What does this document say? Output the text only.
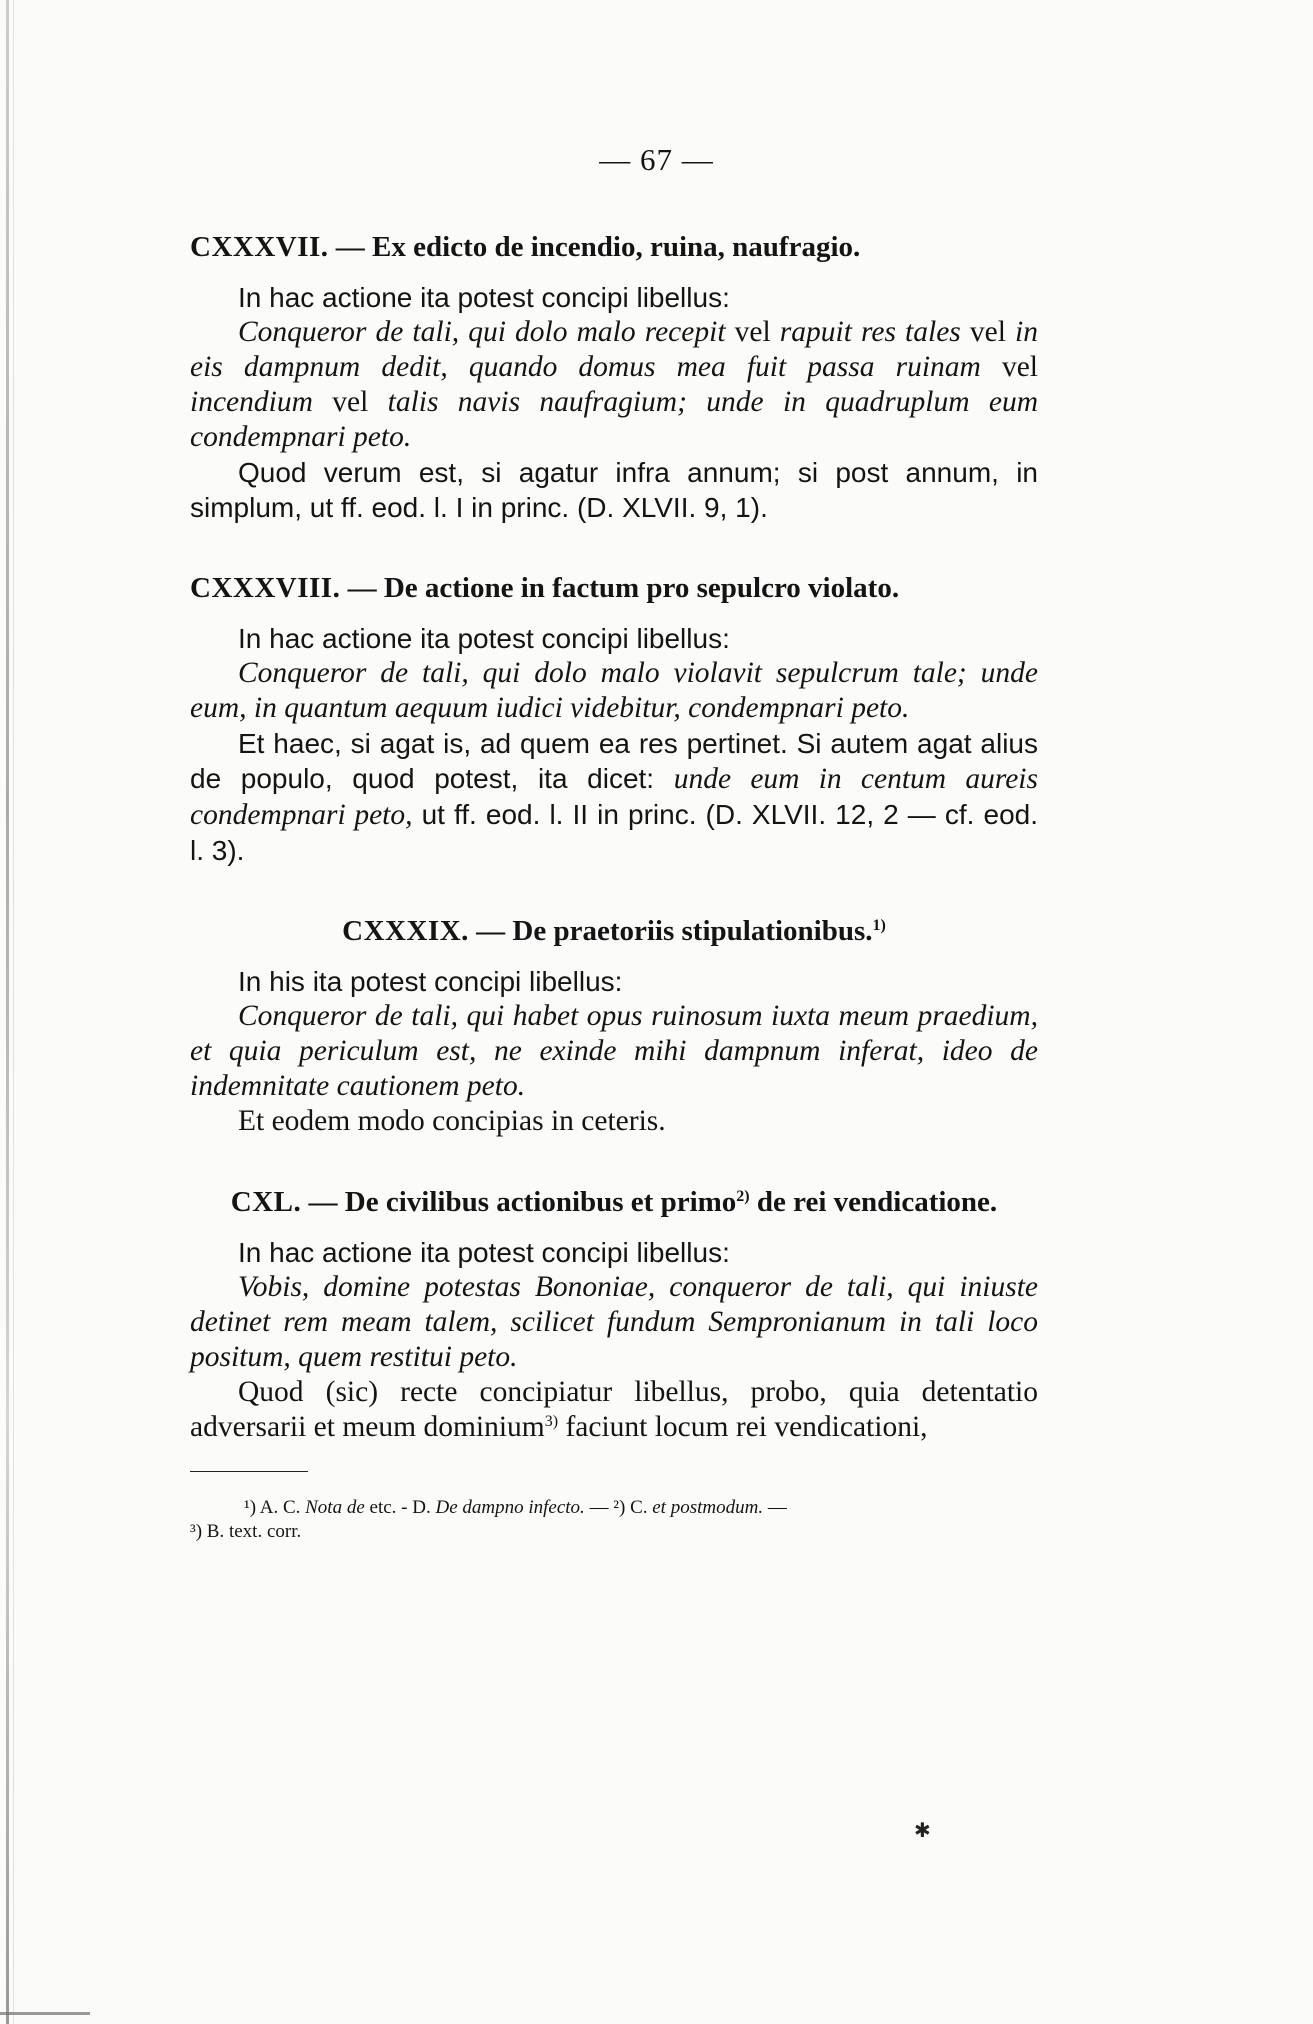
— 67 —

CXXXVII. — Ex edicto de incendio, ruina, naufragio.

In hac actione ita potest concipi libellus:

Conqueror de tali, qui dolo malo recepit vel rapuit res tales vel in eis dampnum dedit, quando domus mea fuit passa ruinam vel incendium vel talis navis naufragium; unde in quadruplum eum condempnari peto.

Quod verum est, si agatur infra annum; si post annum, in simplum, ut ff. eod. l. I in princ. (D. XLVII. 9, 1).

CXXXVIII. — De actione in factum pro sepulcro violato.

In hac actione ita potest concipi libellus:

Conqueror de tali, qui dolo malo violavit sepulcrum tale; unde eum, in quantum aequum iudici videbitur, condempnari peto.

Et haec, si agat is, ad quem ea res pertinet. Si autem agat alius de populo, quod potest, ita dicet: unde eum in centum aureis condempnari peto, ut ff. eod. l. II in princ. (D. XLVII. 12, 2 — cf. eod. l. 3).

CXXXIX. — De praetoriis stipulationibus.$^{1)}$

In his ita potest concipi libellus:

Conqueror de tali, qui habet opus ruinosum iuxta meum praedium, et quia periculum est, ne exinde mihi dampnum inferat, ideo de indemnitate cautionem peto.

Et eodem modo concipias in ceteris.

CXL. — De civilibus actionibus et primo$^{2)}$ de rei vendicatione.

In hac actione ita potest concipi libellus:

Vobis, domine potestas Bononiae, conqueror de tali, qui iniuste detinet rem meam talem, scilicet fundum Sempronianum in tali loco positum, quem restitui peto.

Quod (sic) recte concipiatur libellus, probo, quia detentatio adversarii et meum dominium$^{3)}$ faciunt locum rei vendicationi,

¹) A. C. Nota de etc. - D. De dampno infecto. — ²) C. et postmodum. —
³) B. text. corr.
✱
